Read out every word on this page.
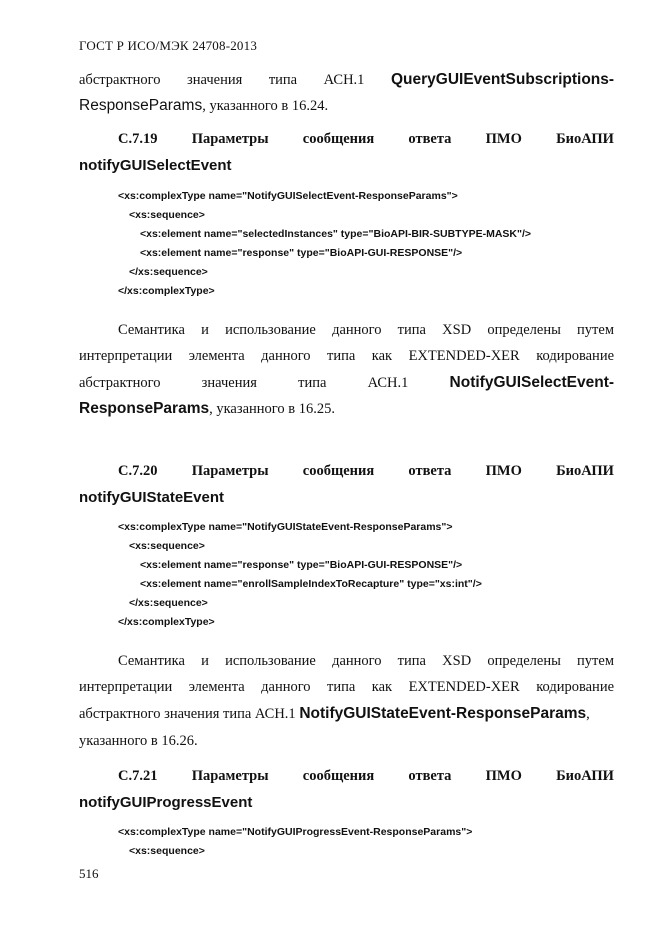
ГОСТ Р ИСО/МЭК 24708-2013
абстрактного значения типа АСН.1 QueryGUIEventSubscriptions-
ResponseParams, указанного в 16.24.
C.7.19 Параметры сообщения ответа ПМО БиоАПИ
notifyGUISelectEvent
<xs:complexType name="NotifyGUISelectEvent-ResponseParams">
<xs:sequence>
<xs:element name="selectedInstances" type="BioAPI-BIR-SUBTYPE-MASK"/>
<xs:element name="response" type="BioAPI-GUI-RESPONSE"/>
</xs:sequence>
</xs:complexType>
Семантика и использование данного типа XSD определены путем
интерпретации элемента данного типа как EXTENDED-XER кодирование
абстрактного	значения	типа	АСН.1	NotifyGUISelectEvent-
ResponseParams, указанного в 16.25.
C.7.20 Параметры сообщения ответа ПМО БиоАПИ
notifyGUIStateEvent
<xs:complexType name="NotifyGUIStateEvent-ResponseParams">
<xs:sequence>
<xs:element name="response" type="BioAPI-GUI-RESPONSE"/>
<xs:element name="enrollSampleIndexToRecapture" type="xs:int"/>
</xs:sequence>
</xs:complexType>
Семантика и использование данного типа XSD определены путем
интерпретации элемента данного типа как EXTENDED-XER кодирование
абстрактного значения типа АСН.1 NotifyGUIStateEvent-ResponseParams,
указанного в 16.26.
C.7.21 Параметры сообщения ответа ПМО БиоАПИ
notifyGUIProgressEvent
<xs:complexType name="NotifyGUIProgressEvent-ResponseParams">
<xs:sequence>
516
